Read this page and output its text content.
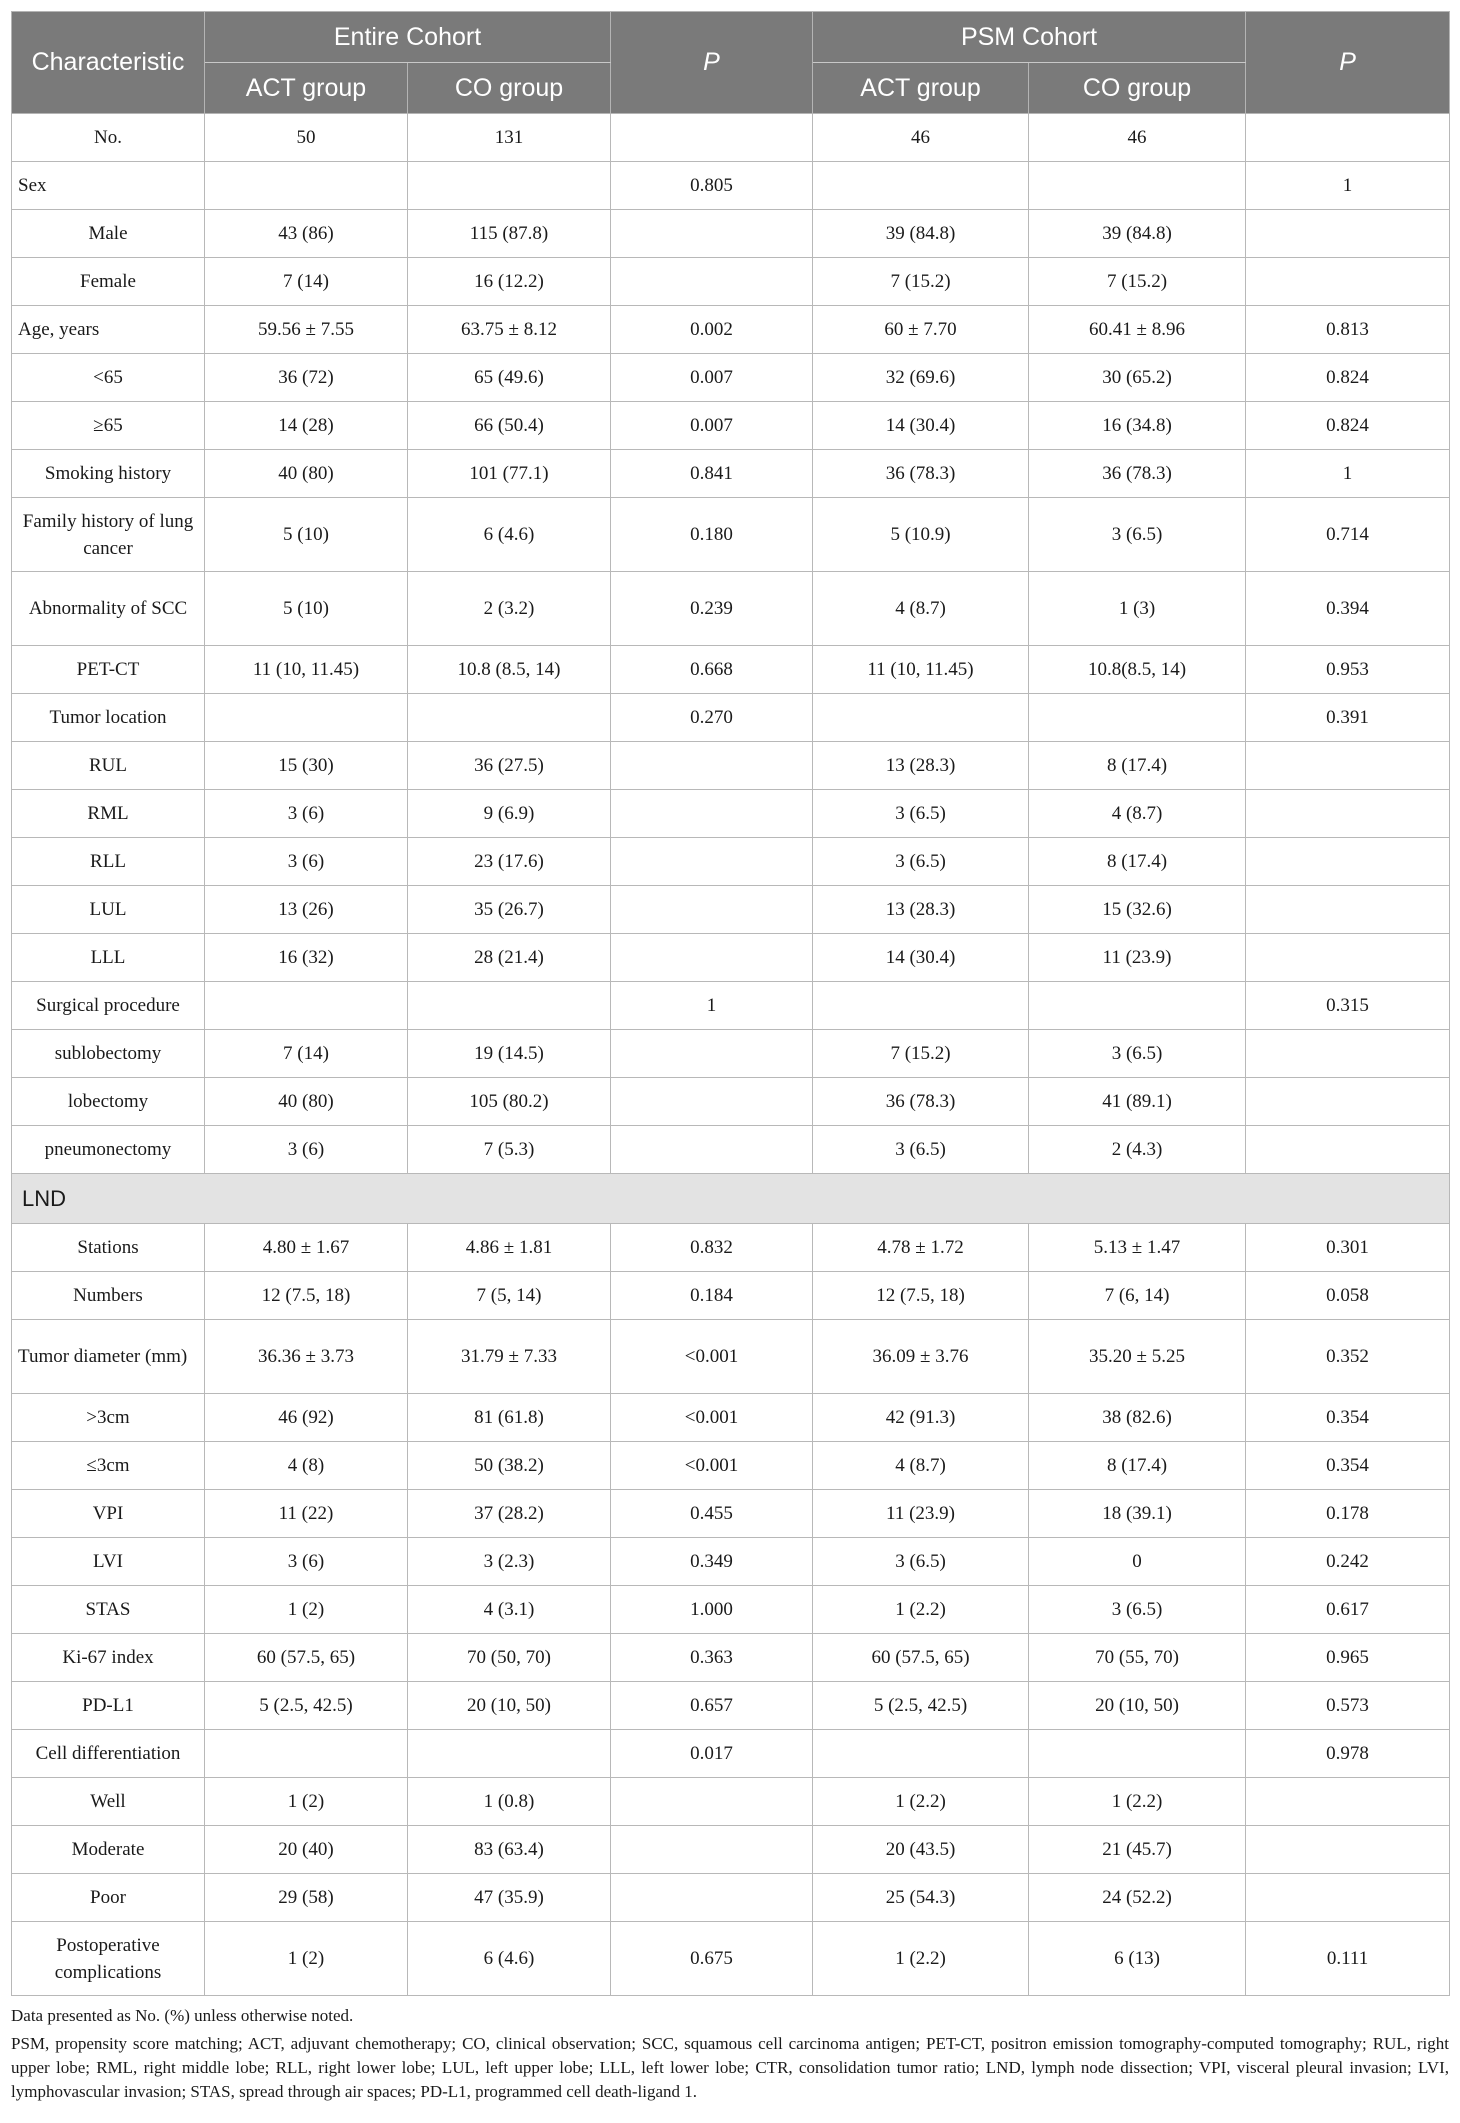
Characteristic	Entire Cohort		P	PSM Cohort		P
	ACT group	CO group		ACT group	CO group	
No.	50	131		46	46	
Sex			0.805			1
Male	43 (86)	115 (87.8)		39 (84.8)	39 (84.8)	
Female	7 (14)	16 (12.2)		7 (15.2)	7 (15.2)	
Age, years	59.56 ± 7.55	63.75 ± 8.12	0.002	60 ± 7.70	60.41 ± 8.96	0.813
<65	36 (72)	65 (49.6)	0.007	32 (69.6)	30 (65.2)	0.824
≥65	14 (28)	66 (50.4)	0.007	14 (30.4)	16 (34.8)	0.824
Smoking history	40 (80)	101 (77.1)	0.841	36 (78.3)	36 (78.3)	1
Family history of lung cancer	5 (10)	6 (4.6)	0.180	5 (10.9)	3 (6.5)	0.714
Abnormality of SCC	5 (10)	2 (3.2)	0.239	4 (8.7)	1 (3)	0.394
PET-CT	11 (10, 11.45)	10.8 (8.5, 14)	0.668	11 (10, 11.45)	10.8(8.5, 14)	0.953
Tumor location			0.270			0.391
RUL	15 (30)	36 (27.5)		13 (28.3)	8 (17.4)	
RML	3 (6)	9 (6.9)		3 (6.5)	4 (8.7)	
RLL	3 (6)	23 (17.6)		3 (6.5)	8 (17.4)	
LUL	13 (26)	35 (26.7)		13 (28.3)	15 (32.6)	
LLL	16 (32)	28 (21.4)		14 (30.4)	11 (23.9)	
Surgical procedure			1			0.315
sublobectomy	7 (14)	19 (14.5)		7 (15.2)	3 (6.5)	
lobectomy	40 (80)	105 (80.2)		36 (78.3)	41 (89.1)	
pneumonectomy	3 (6)	7 (5.3)		3 (6.5)	2 (4.3)	
LND						
Stations	4.80 ± 1.67	4.86 ± 1.81	0.832	4.78 ± 1.72	5.13 ± 1.47	0.301
Numbers	12 (7.5, 18)	7 (5, 14)	0.184	12 (7.5, 18)	7 (6, 14)	0.058
Tumor diameter (mm)	36.36 ± 3.73	31.79 ± 7.33	<0.001	36.09 ± 3.76	35.20 ± 5.25	0.352
>3cm	46 (92)	81 (61.8)	<0.001	42 (91.3)	38 (82.6)	0.354
≤3cm	4 (8)	50 (38.2)	<0.001	4 (8.7)	8 (17.4)	0.354
VPI	11 (22)	37 (28.2)	0.455	11 (23.9)	18 (39.1)	0.178
LVI	3 (6)	3 (2.3)	0.349	3 (6.5)	0	0.242
STAS	1 (2)	4 (3.1)	1.000	1 (2.2)	3 (6.5)	0.617
Ki-67 index	60 (57.5, 65)	70 (50, 70)	0.363	60 (57.5, 65)	70 (55, 70)	0.965
PD-L1	5 (2.5, 42.5)	20 (10, 50)	0.657	5 (2.5, 42.5)	20 (10, 50)	0.573
Cell differentiation			0.017			0.978
Well	1 (2)	1 (0.8)		1 (2.2)	1 (2.2)	
Moderate	20 (40)	83 (63.4)		20 (43.5)	21 (45.7)	
Poor	29 (58)	47 (35.9)		25 (54.3)	24 (52.2)	
Postoperative complications	1 (2)	6 (4.6)	0.675	1 (2.2)	6 (13)	0.111

Data presented as No. (%) unless otherwise noted.

PSM, propensity score matching; ACT, adjuvant chemotherapy; CO, clinical observation; SCC, squamous cell carcinoma antigen; PET-CT, positron emission tomography-computed tomography; RUL, right upper lobe; RML, right middle lobe; RLL, right lower lobe; LUL, left upper lobe; LLL, left lower lobe; CTR, consolidation tumor ratio; LND, lymph node dissection; VPI, visceral pleural invasion; LVI, lymphovascular invasion; STAS, spread through air spaces; PD-L1, programmed cell death-ligand 1.
